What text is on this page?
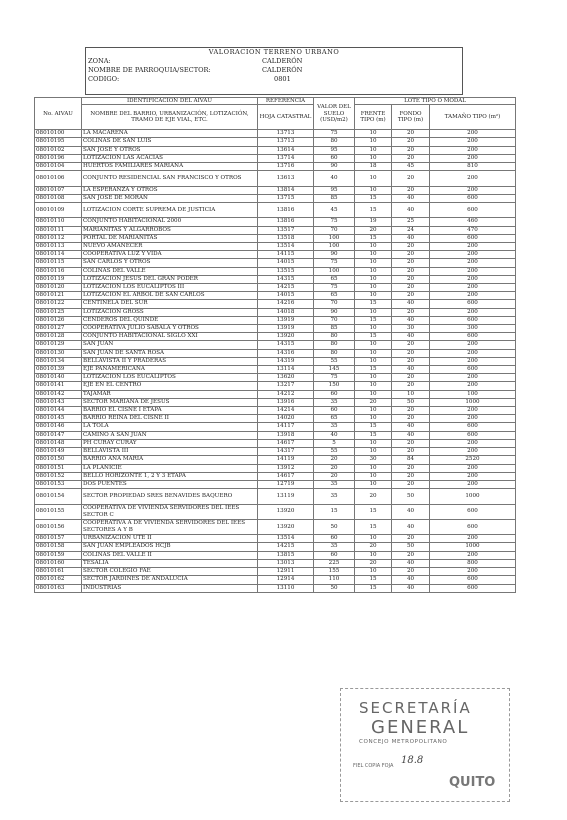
VALORACION TERRENO URBANO
ZONA:	CALDERÓN
NOMBRE DE PARROQUIA/SECTOR:	CALDERÓN
CODIGO:	0801
No. AIVAU	IDENTIFICACION DEL AIVAU	REFERENCIA	VALOR DEL SUELO (USD/m2)	LOTE TIPO O MODAL		
	NOMBRE DEL BARRIO, URBANIZACIÓN, LOTIZACIÓN, TRAMO DE EJE VIAL, ETC.	HOJA CATASTRAL		FRENTE TIPO (m)	FONDO TIPO (m)	TAMAÑO TIPO (m²)
08010100	LA MACARENA	13713	75	10	20	200
08010195	COLINAS DE SAN LUIS	13713	80	10	20	200
08010102	SAN JOSÉ Y OTROS	13614	95	10	20	200
08010196	LOTIZACION LAS ACACIAS	13714	60	10	20	200
08010104	HUERTOS FAMILIARES MARIANA	13716	90	18	45	810
08010106	CONJUNTO RESIDENCIAL SAN FRANCISCO Y OTROS	13613	40	10	20	200
08010107	LA ESPERANZA Y OTROS	13814	95	10	20	200
08010108	SAN JOSE DE MORAN	13715	85	15	40	600
08010109	LOTIZACION CORTE SUPREMA DE JUSTICIA	13816	45	15	40	600
08010110	CONJUNTO HABITACIONAL 2000	13816	75	19	25	460
08010111	MARIANITAS Y ALGARROBOS	13517	70	20	24	470
08010112	PORTAL DE MARIANITAS	13518	100	15	40	600
08010113	NUEVO AMANECER	13514	100	10	20	200
08010114	COOPERATIVA LUZ Y VIDA	14115	90	10	20	200
08010115	SAN CARLOS Y OTROS	14015	75	10	20	200
08010116	COLINAS DEL VALLE	13515	100	10	20	200
08010119	LOTIZACION JESUS DEL GRAN PODER	14315	65	10	20	200
08010120	LOTIZACION LOS EUCALIPTOS III	14215	75	10	20	200
08010121	LOTIZACION EL ARBOL DE SAN CARLOS	14015	65	10	20	200
08010122	CENTINELA DEL SUR	14216	70	15	40	600
08010125	LOTIZACION GROSS	14018	90	10	20	200
08010126	CENDEROS DEL QUINDE	13919	70	15	40	600
08010127	COOPERATIVA JULIO SABALA Y OTROS	13919	85	10	30	300
08010128	CONJUNTO HABITACIONAL SIGLO XXI	13920	80	15	40	600
08010129	SAN JUAN	14315	80	10	20	200
08010130	SAN JUAN DE SANTA ROSA	14316	80	10	20	200
08010134	BELLAVISTA II Y PRADERAS	14319	55	10	20	200
08010139	EJE PANAMERICANA	13114	145	15	40	600
08010140	LOTIZACION LOS EUCALIPTOS	13620	75	10	20	200
08010141	EJE EN EL CENTRO	13217	150	10	20	200
08010142	TAJAMAR	14212	60	10	10	100
08010143	SECTOR MARIANA DE JESUS	13916	35	20	50	1000
08010144	BARRIO EL CISNE I ETAPA	14214	60	10	20	200
08010145	BARRIO REINA DEL CISNE II	14020	65	10	20	200
08010146	LA TOLA	14117	35	15	40	600
08010147	CAMINO A SAN JUAN	13918	40	15	40	600
08010148	PH CURAY CURAY	14617	5	10	20	200
08010149	BELLAVISTA III	14317	55	10	20	200
08010150	BARRIO ANA MARIA	14119	20	30	84	2520
08010151	LA PLANICIE	13912	20	10	20	200
08010152	BELLO HORIZONTE 1, 2 Y 3 ETAPA	14617	20	10	20	200
08010153	DOS PUENTES	12719	35	10	20	200
08010154	SECTOR PROPIEDAD SRES BENAVIDES BAQUERO	13119	35	20	50	1000
08010155	COOPERATIVA DE VIVIENDA SERVIDORES DEL IEES SECTOR C	13920	15	15	40	600
08010156	COOPERATIVA A DE VIVIENDA SERVIDORES DEL IEES SECTORES A Y B	13920	50	15	40	600
08010157	URBANIZACION UTE II	13514	60	10	20	200
08010158	SAN JUAN EMPLEADOS HCJB	14215	35	20	50	1000
08010159	COLINAS DEL VALLE II	13815	60	10	20	200
08010160	TESALIA	13013	225	20	40	800
08010161	SECTOR COLEGIO FAE	12911	155	10	20	200
08010162	SECTOR JARDINES DE ANDALUCIA	12914	110	15	40	600
08010163	INDUSTRIAS	13110	50	15	40	600
SECRETARÍA
GENERAL
CONCEJO METROPOLITANO
FIEL COPIA FOJA 18.8
QUITO
